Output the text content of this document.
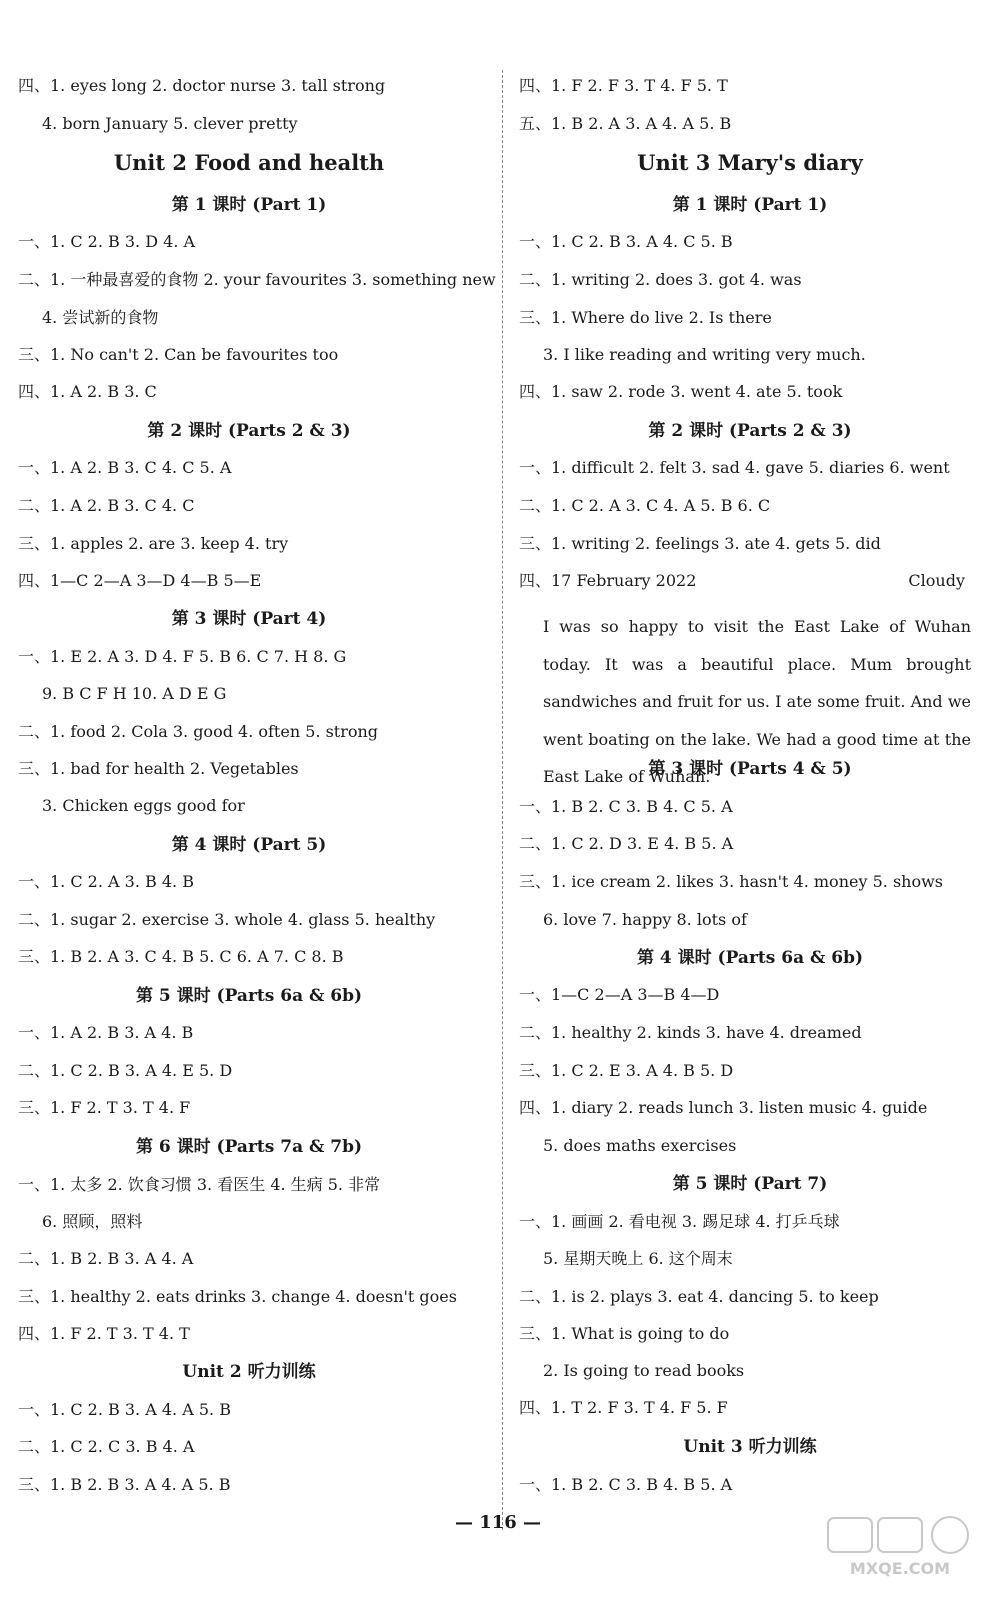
四、1. eyes long 2. doctor nurse 3. tall strong
4. born January 5. clever pretty
Unit 2 Food and health
第 1 课时 (Part 1)
一、1. C 2. B 3. D 4. A
二、1. 一种最喜爱的食物 2. your favourites 3. something new
4. 尝试新的食物
三、1. No can't 2. Can be favourites too
四、1. A 2. B 3. C
第 2 课时 (Parts 2 & 3)
一、1. A 2. B 3. C 4. C 5. A
二、1. A 2. B 3. C 4. C
三、1. apples 2. are 3. keep 4. try
四、1—C 2—A 3—D 4—B 5—E
第 3 课时 (Part 4)
一、1. E 2. A 3. D 4. F 5. B 6. C 7. H 8. G
9. B C F H 10. A D E G
二、1. food 2. Cola 3. good 4. often 5. strong
三、1. bad for health 2. Vegetables
3. Chicken eggs good for
第 4 课时 (Part 5)
一、1. C 2. A 3. B 4. B
二、1. sugar 2. exercise 3. whole 4. glass 5. healthy
三、1. B 2. A 3. C 4. B 5. C 6. A 7. C 8. B
第 5 课时 (Parts 6a & 6b)
一、1. A 2. B 3. A 4. B
二、1. C 2. B 3. A 4. E 5. D
三、1. F 2. T 3. T 4. F
第 6 课时 (Parts 7a & 7b)
一、1. 太多 2. 饮食习惯 3. 看医生 4. 生病 5. 非常
6. 照顾，照料
二、1. B 2. B 3. A 4. A
三、1. healthy 2. eats drinks 3. change 4. doesn't goes
四、1. F 2. T 3. T 4. T
Unit 2 听力训练
一、1. C 2. B 3. A 4. A 5. B
二、1. C 2. C 3. B 4. A
三、1. B 2. B 3. A 4. A 5. B
四、1. F 2. F 3. T 4. F 5. T
五、1. B 2. A 3. A 4. A 5. B
Unit 3 Mary's diary
第 1 课时 (Part 1)
一、1. C 2. B 3. A 4. C 5. B
二、1. writing 2. does 3. got 4. was
三、1. Where do live 2. Is there
3. I like reading and writing very much.
四、1. saw 2. rode 3. went 4. ate 5. took
第 2 课时 (Parts 2 & 3)
一、1. difficult 2. felt 3. sad 4. gave 5. diaries 6. went
二、1. C 2. A 3. C 4. A 5. B 6. C
三、1. writing 2. feelings 3. ate 4. gets 5. did
四、17 February 2022	Cloudy
I was so happy to visit the East Lake of Wuhan today. It was a beautiful place. Mum brought sandwiches and fruit for us. I ate some fruit. And we went boating on the lake. We had a good time at the East Lake of Wuhan.
第 3 课时 (Parts 4 & 5)
一、1. B 2. C 3. B 4. C 5. A
二、1. C 2. D 3. E 4. B 5. A
三、1. ice cream 2. likes 3. hasn't 4. money 5. shows
6. love 7. happy 8. lots of
第 4 课时 (Parts 6a & 6b)
一、1—C 2—A 3—B 4—D
二、1. healthy 2. kinds 3. have 4. dreamed
三、1. C 2. E 3. A 4. B 5. D
四、1. diary 2. reads lunch 3. listen music 4. guide
5. does maths exercises
第 5 课时 (Part 7)
一、1. 画画 2. 看电视 3. 踢足球 4. 打乒乓球
5. 星期天晚上 6. 这个周末
二、1. is 2. plays 3. eat 4. dancing 5. to keep
三、1. What is going to do
2. Is going to read books
四、1. T 2. F 3. T 4. F 5. F
Unit 3 听力训练
一、1. B 2. C 3. B 4. B 5. A
— 116 —
MXQE.COM
